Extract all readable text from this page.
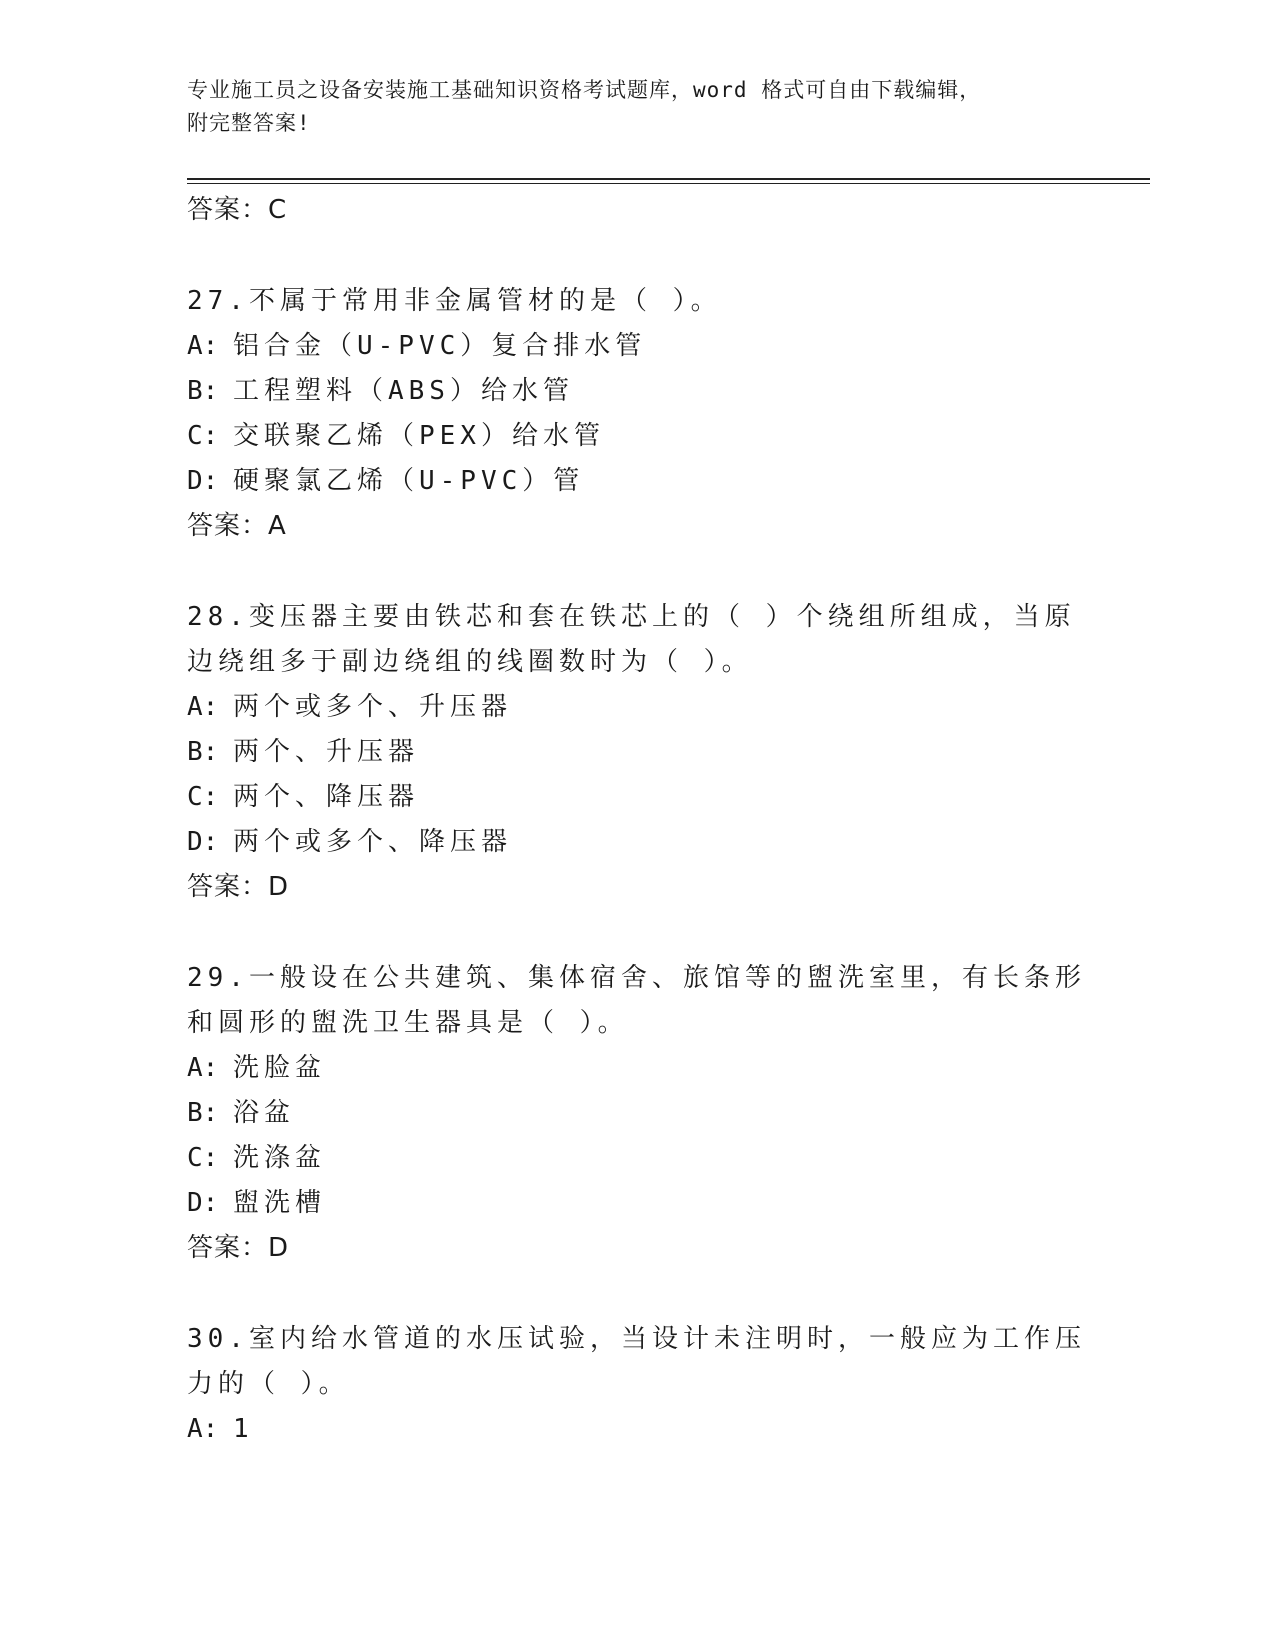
专业施工员之设备安装施工基础知识资格考试题库，word 格式可自由下载编辑，
附完整答案!
答案：C
27.不属于常用非金属管材的是（ ）。
A: 铝合金（U-PVC）复合排水管
B: 工程塑料（ABS）给水管
C: 交联聚乙烯（PEX）给水管
D: 硬聚氯乙烯（U-PVC）管
答案：A
28.变压器主要由铁芯和套在铁芯上的（ ）个绕组所组成，当原边绕组多于副边绕组的线圈数时为（ ）。
A: 两个或多个、升压器
B: 两个、升压器
C: 两个、降压器
D: 两个或多个、降压器
答案：D
29.一般设在公共建筑、集体宿舍、旅馆等的盥洗室里，有长条形和圆形的盥洗卫生器具是（ ）。
A: 洗脸盆
B: 浴盆
C: 洗涤盆
D: 盥洗槽
答案：D
30.室内给水管道的水压试验，当设计未注明时，一般应为工作压力的（ ）。
A: 1
